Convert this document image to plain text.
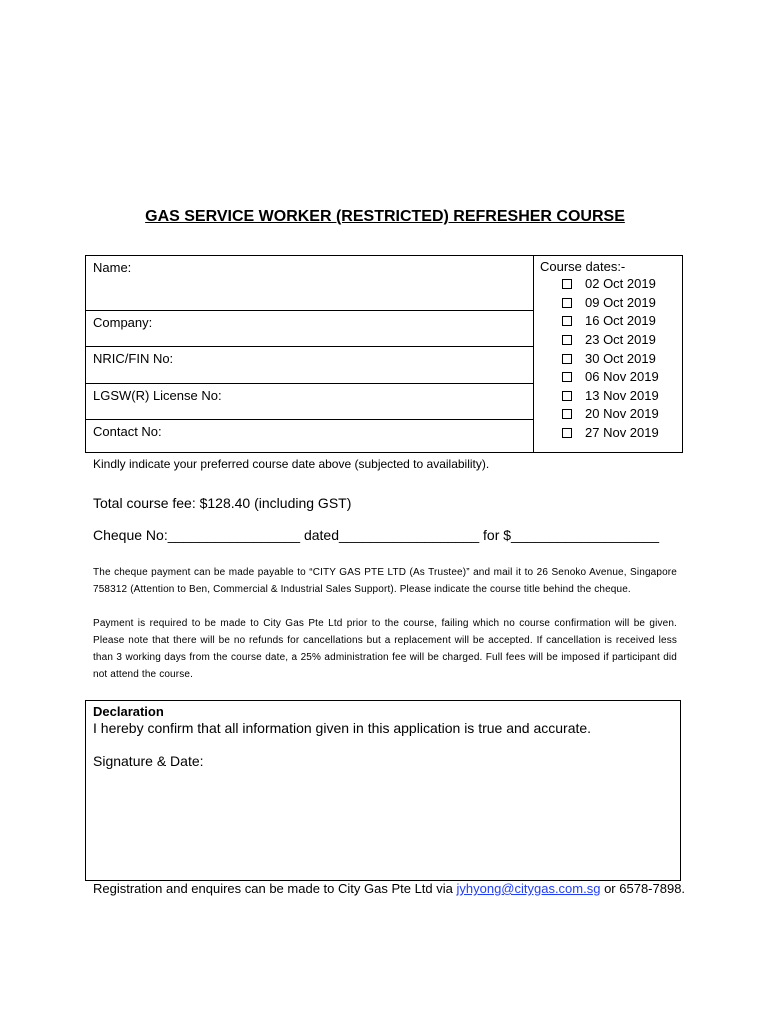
GAS SERVICE WORKER (RESTRICTED) REFRESHER COURSE
Name:
Company:
NRIC/FIN No:
LGSW(R) License No:
Contact No:
Course dates:-
02 Oct 2019
09 Oct 2019
16 Oct 2019
23 Oct 2019
30 Oct 2019
06 Nov 2019
13 Nov 2019
20 Nov 2019
27 Nov 2019
Kindly indicate your preferred course date above (subjected to availability).
Total course fee: $128.40 (including GST)
Cheque No:_________________ dated__________________ for $___________________
The cheque payment can be made payable to “CITY GAS PTE LTD (As Trustee)” and mail it to 26 Senoko Avenue, Singapore 758312 (Attention to Ben, Commercial & Industrial Sales Support). Please indicate the course title behind the cheque.
Payment is required to be made to City Gas Pte Ltd prior to the course, failing which no course confirmation will be given. Please note that there will be no refunds for cancellations but a replacement will be accepted. If cancellation is received less than 3 working days from the course date, a 25% administration fee will be charged. Full fees will be imposed if participant did not attend the course.
Declaration
I hereby confirm that all information given in this application is true and accurate.
Signature & Date:
Registration and enquires can be made to City Gas Pte Ltd via jyhyong@citygas.com.sg or 6578-7898.
